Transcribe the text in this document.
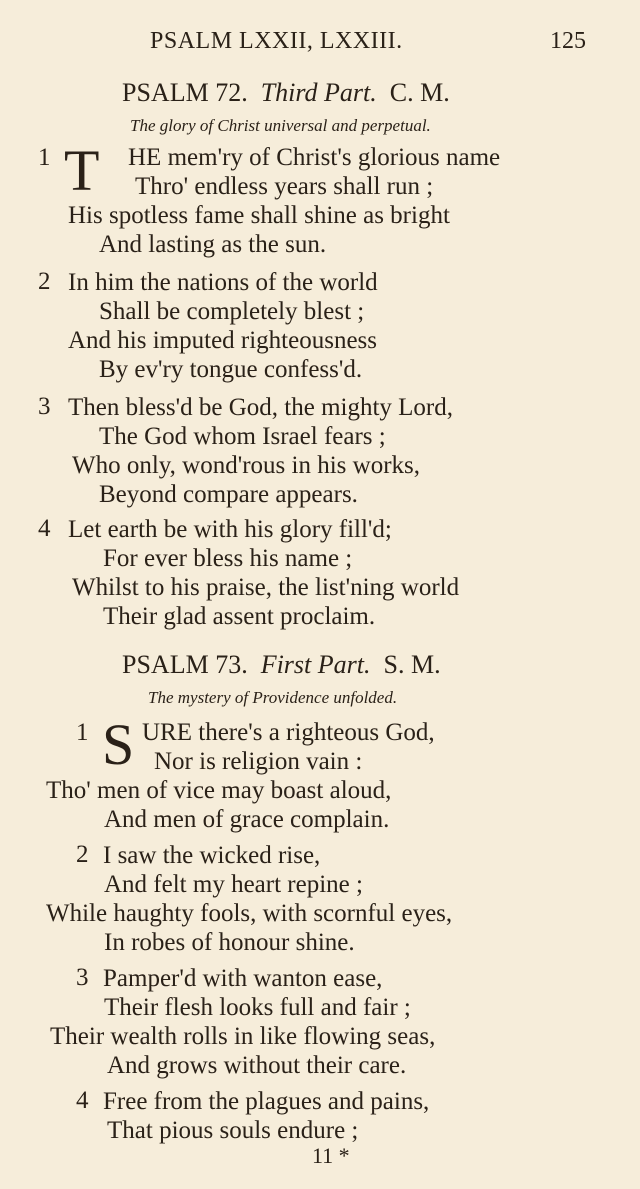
PSALM LXXII, LXXIII.	125
PSALM 72. Third Part. C. M.
The glory of Christ universal and perpetual.
1 T HE mem'ry of Christ's glorious name
Thro' endless years shall run ;
His spotless fame shall shine as bright
And lasting as the sun.
2 In him the nations of the world
Shall be completely blest ;
And his imputed righteousness
By ev'ry tongue confess'd.
3 Then bless'd be God, the mighty Lord,
The God whom Israel fears ;
Who only, wond'rous in his works,
Beyond compare appears.
4 Let earth be with his glory fill'd;
For ever bless his name ;
Whilst to his praise, the list'ning world
Their glad assent proclaim.
PSALM 73. First Part. S. M.
The mystery of Providence unfolded.
1 S URE there's a righteous God,
Nor is religion vain :
Tho' men of vice may boast aloud,
And men of grace complain.
2 I saw the wicked rise,
And felt my heart repine ;
While haughty fools, with scornful eyes,
In robes of honour shine.
3 Pamper'd with wanton ease,
Their flesh looks full and fair ;
Their wealth rolls in like flowing seas,
And grows without their care.
4 Free from the plagues and pains,
That pious souls endure ;
11 *
